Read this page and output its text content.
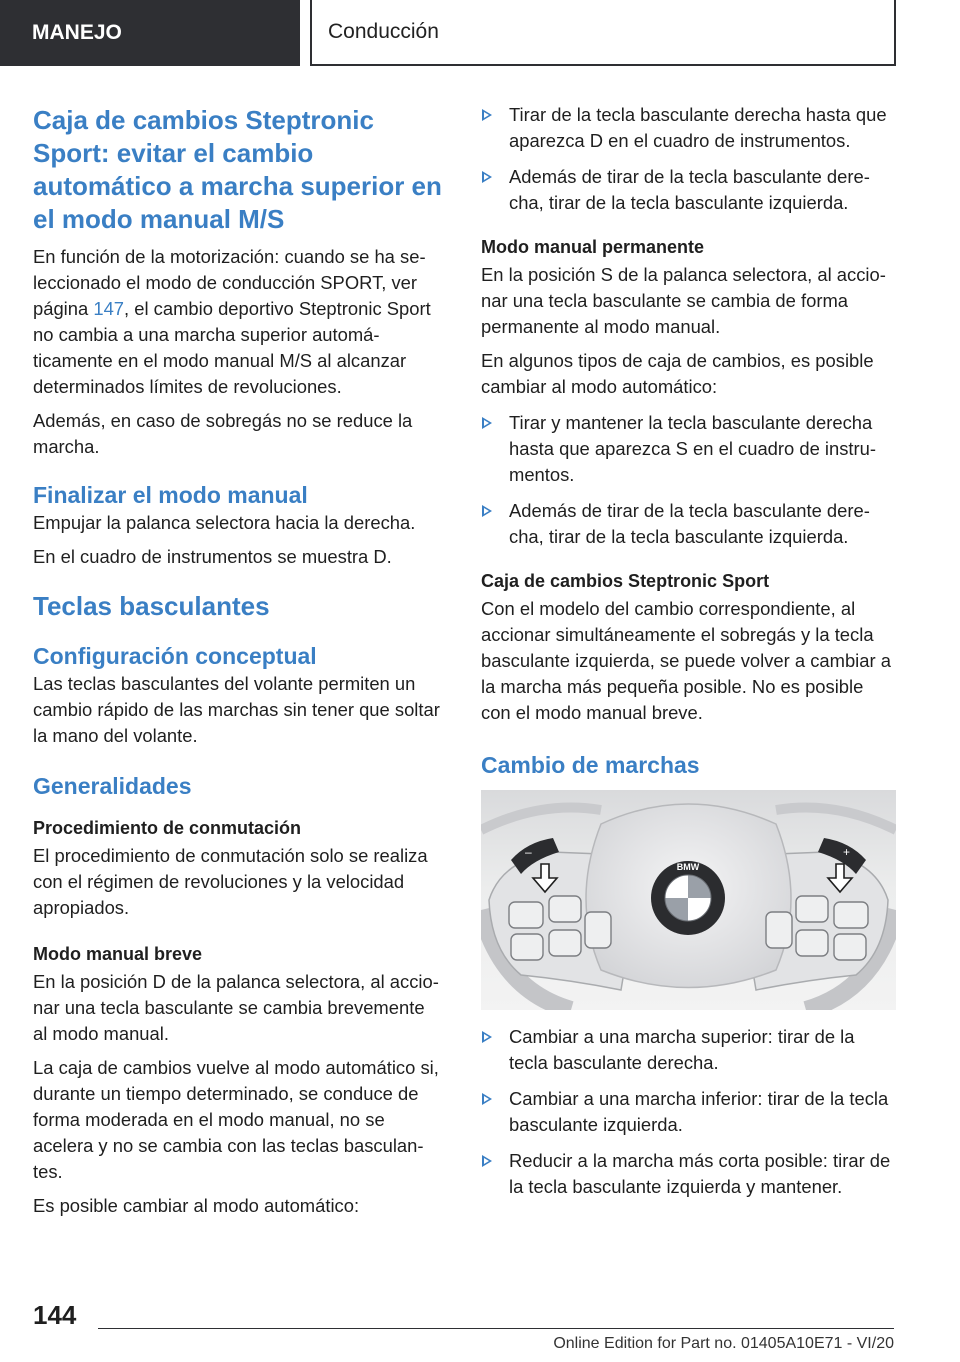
MANEJO	Conducción
Caja de cambios Steptronic Sport: evitar el cambio automático a marcha superior en el modo manual M/S

En función de la motorización: cuando se ha seleccionado el modo de conducción SPORT, ver página 147, el cambio deportivo Steptronic Sport no cambia a una marcha superior automáticamente en el modo manual M/S al alcanzar determinados límites de revoluciones.

Además, en caso de sobregás no se reduce la marcha.

Finalizar el modo manual

Empujar la palanca selectora hacia la derecha.

En el cuadro de instrumentos se muestra D.

Teclas basculantes
Configuración conceptual

Las teclas basculantes del volante permiten un cambio rápido de las marchas sin tener que soltar la mano del volante.

Generalidades

Procedimiento de conmutación

El procedimiento de conmutación solo se realiza con el régimen de revoluciones y la velocidad apropiados.

Modo manual breve

En la posición D de la palanca selectora, al accionar una tecla basculante se cambia brevemente al modo manual.

La caja de cambios vuelve al modo automático si, durante un tiempo determinado, se conduce de forma moderada en el modo manual, no se acelera y no se cambia con las teclas basculantes.

Es posible cambiar al modo automático:

Tirar de la tecla basculante derecha hasta que aparezca D en el cuadro de instrumentos.
Además de tirar de la tecla basculante derecha, tirar de la tecla basculante izquierda.

Modo manual permanente

En la posición S de la palanca selectora, al accionar una tecla basculante se cambia de forma permanente al modo manual.

En algunos tipos de caja de cambios, es posible cambiar al modo automático:

Tirar y mantener la tecla basculante derecha hasta que aparezca S en el cuadro de instrumentos.
Además de tirar de la tecla basculante derecha, tirar de la tecla basculante izquierda.

Caja de cambios Steptronic Sport

Con el modelo del cambio correspondiente, al accionar simultáneamente el sobregás y la tecla basculante izquierda, se puede volver a cambiar a la marcha más pequeña posible. No es posible con el modo manual breve.

Cambio de marchas
BMW
–	+
Cambiar a una marcha superior: tirar de la tecla basculante derecha.
Cambiar a una marcha inferior: tirar de la tecla basculante izquierda.
Reducir a la marcha más corta posible: tirar de la tecla basculante izquierda y mantener.
144
Online Edition for Part no. 01405A10E71 - VI/20
